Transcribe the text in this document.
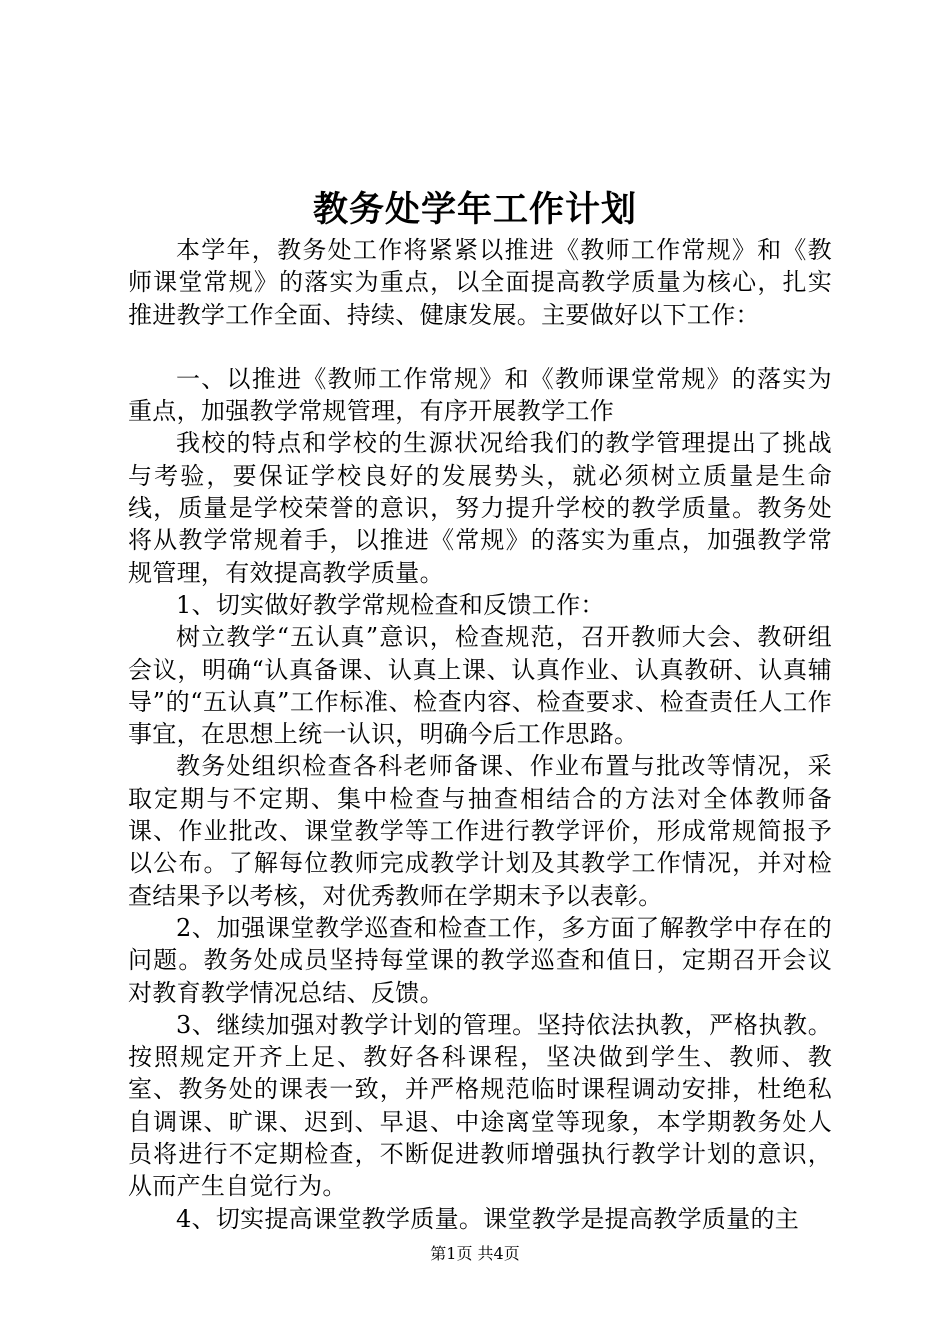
教务处学年工作计划

本学年，教务处工作将紧紧以推进《教师工作常规》和《教师课堂常规》的落实为重点，以全面提高教学质量为核心，扎实推进教学工作全面、持续、健康发展。主要做好以下工作：

一、以推进《教师工作常规》和《教师课堂常规》的落实为重点，加强教学常规管理，有序开展教学工作

我校的特点和学校的生源状况给我们的教学管理提出了挑战与考验，要保证学校良好的发展势头，就必须树立质量是生命线，质量是学校荣誉的意识，努力提升学校的教学质量。教务处将从教学常规着手，以推进《常规》的落实为重点，加强教学常规管理，有效提高教学质量。

1、切实做好教学常规检查和反馈工作：

树立教学“五认真”意识，检查规范，召开教师大会、教研组会议，明确“认真备课、认真上课、认真作业、认真教研、认真辅导”的“五认真”工作标准、检查内容、检查要求、检查责任人工作事宜，在思想上统一认识，明确今后工作思路。

教务处组织检查各科老师备课、作业布置与批改等情况，采取定期与不定期、集中检查与抽查相结合的方法对全体教师备课、作业批改、课堂教学等工作进行教学评价，形成常规简报予以公布。了解每位教师完成教学计划及其教学工作情况，并对检查结果予以考核，对优秀教师在学期末予以表彰。

2、加强课堂教学巡查和检查工作，多方面了解教学中存在的问题。教务处成员坚持每堂课的教学巡查和值日，定期召开会议对教育教学情况总结、反馈。

3、继续加强对教学计划的管理。坚持依法执教，严格执教。按照规定开齐上足、教好各科课程，坚决做到学生、教师、教室、教务处的课表一致，并严格规范临时课程调动安排，杜绝私自调课、旷课、迟到、早退、中途离堂等现象，本学期教务处人员将进行不定期检查，不断促进教师增强执行教学计划的意识，从而产生自觉行为。

4、切实提高课堂教学质量。课堂教学是提高教学质量的主

第1页 共4页
